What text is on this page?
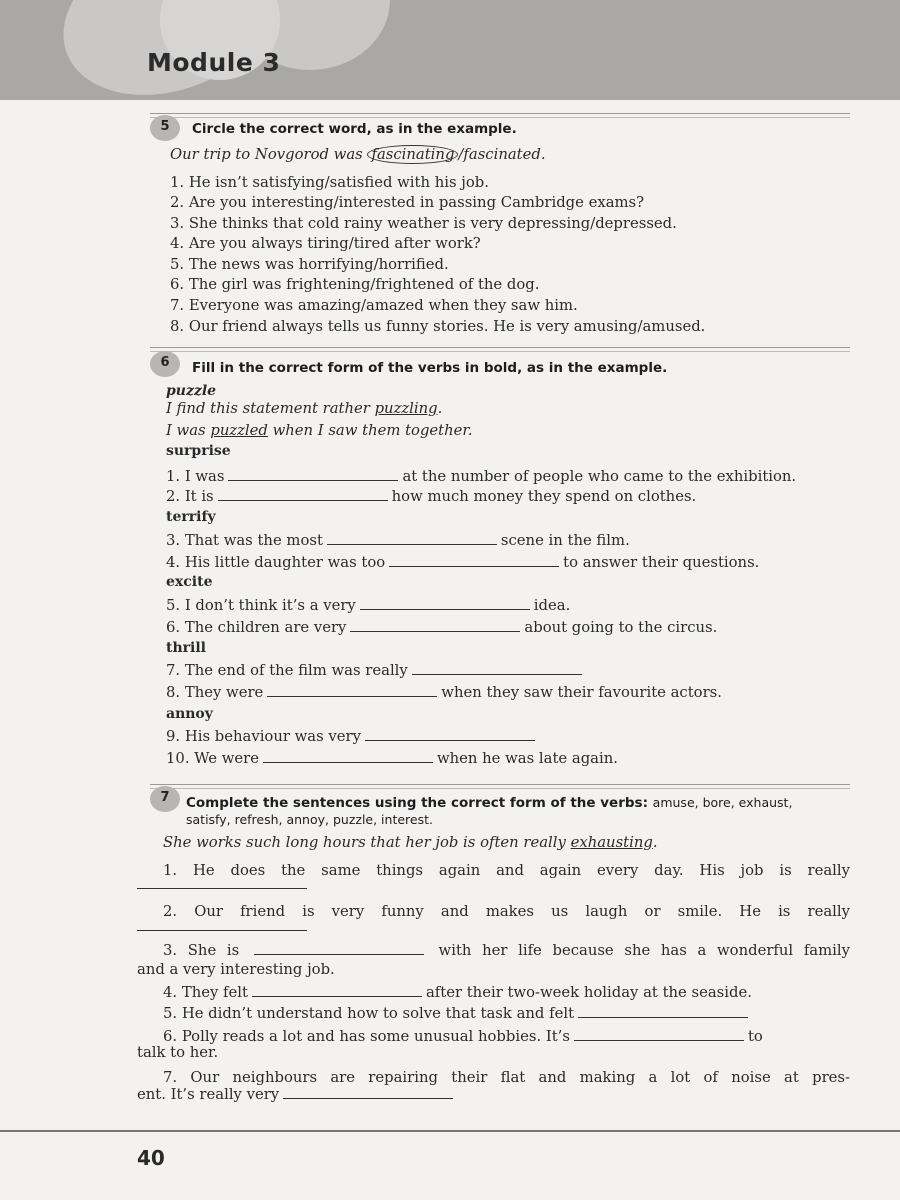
Module 3
5	Circle the correct word, as in the example.
Our trip to Novgorod was fascinating /fascinated.
1. He isn’t satisfying/satisfied with his job.
2. Are you interesting/interested in passing Cambridge exams?
3. She thinks that cold rainy weather is very depressing/depressed.
4. Are you always tiring/tired after work?
5. The news was horrifying/horrified.
6. The girl was frightening/frightened of the dog.
7. Everyone was amazing/amazed when they saw him.
8. Our friend always tells us funny stories. He is very amusing/amused.
6	Fill in the correct form of the verbs in bold, as in the example.
puzzle
I find this statement rather puzzling.
I was puzzled when I saw them together.
surprise
1. I was	at the number of people who came to the exhibition.
2. It is	how much money they spend on clothes.
terrify
3. That was the most	scene in the film.
4. His little daughter was too	to answer their questions.
excite
5. I don’t think it’s a very	idea.
6. The children are very	about going to the circus.
thrill
7. The end of the film was really
8. They were	when they saw their favourite actors.
annoy
9. His behaviour was very
10. We were	when he was late again.
7	Complete the sentences using the correct form of the verbs: amuse, bore, exhaust,
satisfy, refresh, annoy, puzzle, interest.
She works such long hours that her job is often really exhausting.
1. He does the same things again and again every day. His job is really
2. Our friend is very funny and makes us laugh or smile. He is really
3. She is	with her life because she has a wonderful family
and a very interesting job.
4. They felt	after their two-week holiday at the seaside.
5. He didn’t understand how to solve that task and felt
6. Polly reads a lot and has some unusual hobbies. It’s	to
talk to her.
7. Our neighbours are repairing their flat and making a lot of noise at pres-
ent. It’s really very
40
